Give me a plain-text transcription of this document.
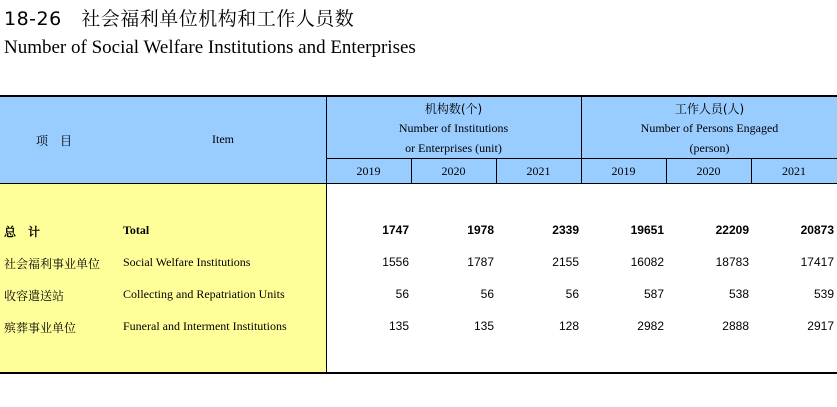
18-26　社会福利单位机构和工作人员数
Number of Social Welfare Institutions and Enterprises
项　目	Item
机构数(个)
Number of Institutions
or Enterprises (unit)
工作人员(人)
Number of Persons Engaged
(person)
2019	2020	2021	2019	2020	2021
总　计	Total	1747	1978	2339	19651	22209	20873
社会福利事业单位 Social Welfare Institutions	1556	1787	2155	16082	18783	17417
收容遣送站	Collecting and Repatriation Units	56	56	56	587	538	539
殡葬事业单位	Funeral and Interment Institutions	135	135	128	2982	2888	2917
